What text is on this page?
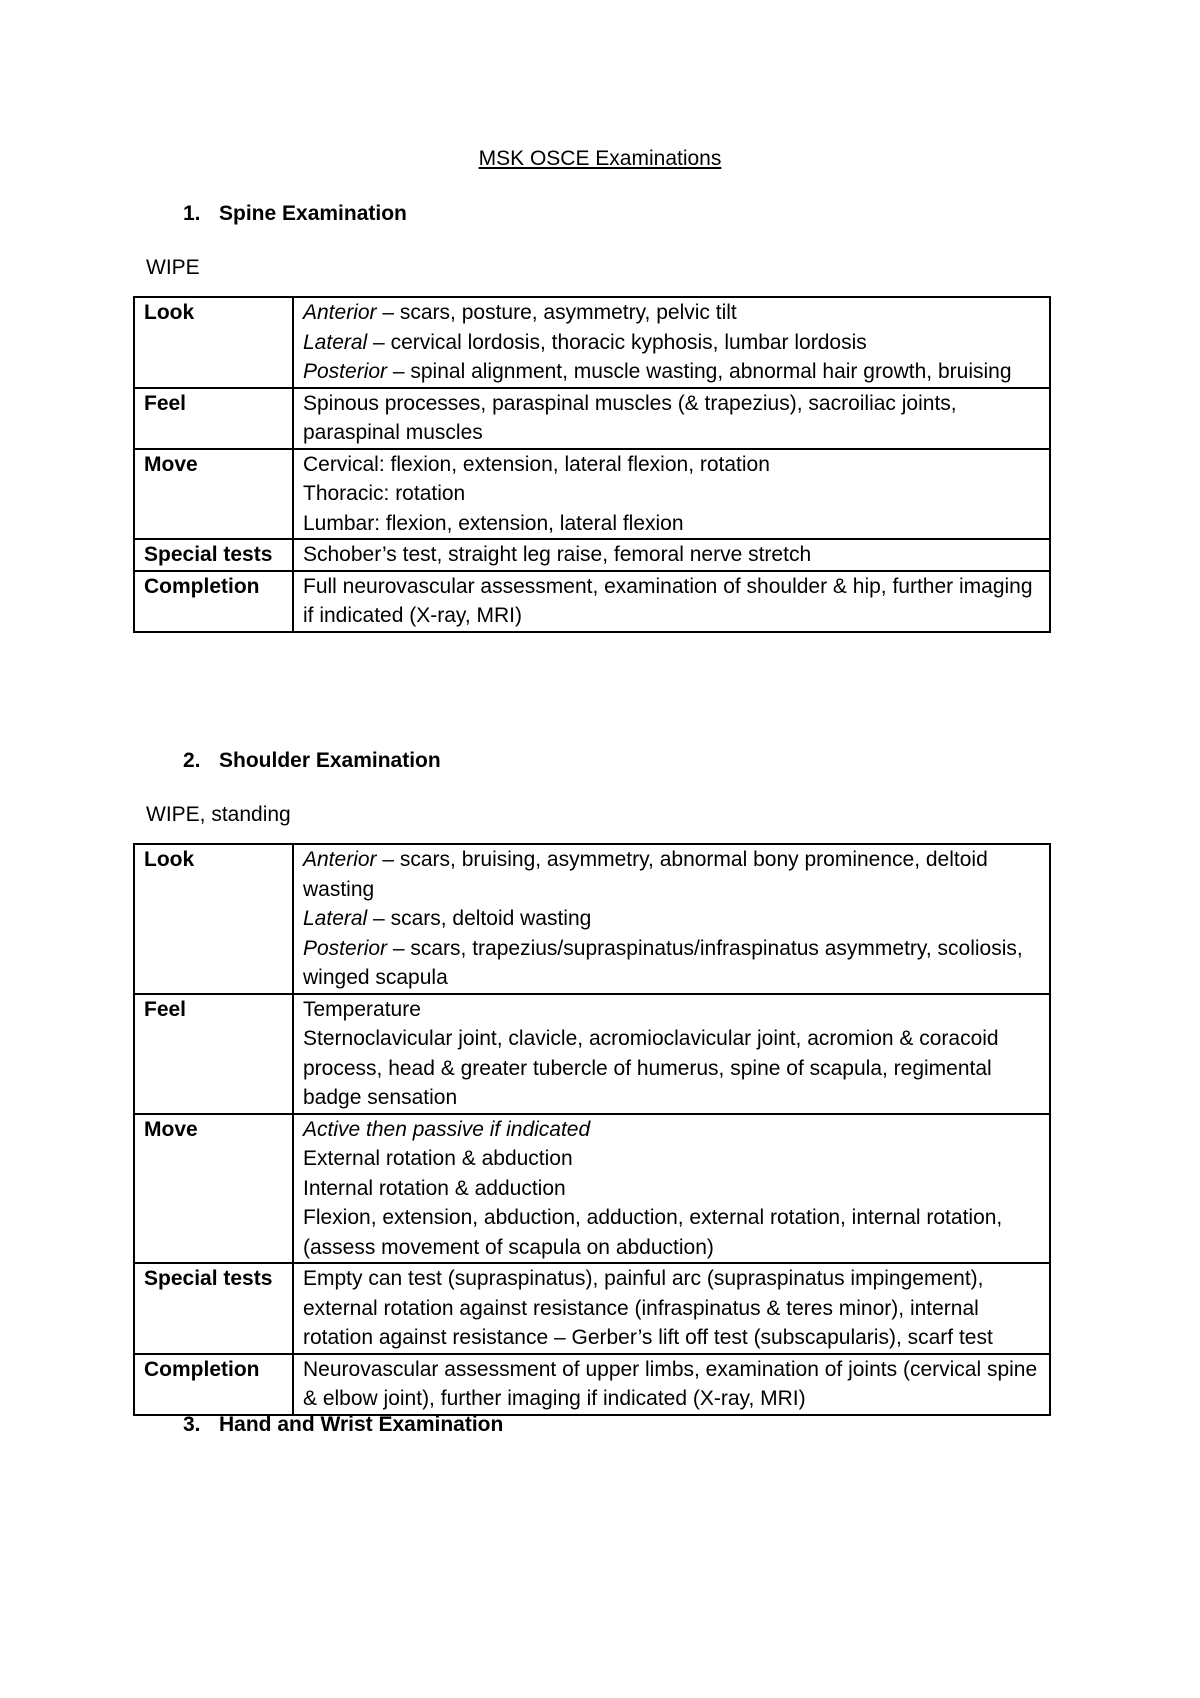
MSK OSCE Examinations
1. Spine Examination
WIPE
Look	Anterior – scars, posture, asymmetry, pelvic tilt
Lateral – cervical lordosis, thoracic kyphosis, lumbar lordosis
Posterior – spinal alignment, muscle wasting, abnormal hair growth, bruising

Feel	Spinous processes, paraspinal muscles (& trapezius), sacroiliac joints, paraspinal muscles

Move	Cervical: flexion, extension, lateral flexion, rotation
Thoracic: rotation
Lumbar: flexion, extension, lateral flexion

Special tests	Schober’s test, straight leg raise, femoral nerve stretch

Completion	Full neurovascular assessment, examination of shoulder & hip, further imaging if indicated (X-ray, MRI)
2. Shoulder Examination
WIPE, standing
Look	Anterior – scars, bruising, asymmetry, abnormal bony prominence, deltoid wasting
Lateral – scars, deltoid wasting
Posterior – scars, trapezius/supraspinatus/infraspinatus asymmetry, scoliosis, winged scapula

Feel	Temperature
Sternoclavicular joint, clavicle, acromioclavicular joint, acromion & coracoid process, head & greater tubercle of humerus, spine of scapula, regimental badge sensation

Move	Active then passive if indicated
External rotation & abduction
Internal rotation & adduction
Flexion, extension, abduction, adduction, external rotation, internal rotation, (assess movement of scapula on abduction)

Special tests	Empty can test (supraspinatus), painful arc (supraspinatus impingement), external rotation against resistance (infraspinatus & teres minor), internal rotation against resistance – Gerber’s lift off test (subscapularis), scarf test

Completion	Neurovascular assessment of upper limbs, examination of joints (cervical spine & elbow joint), further imaging if indicated (X-ray, MRI)
3. Hand and Wrist Examination
